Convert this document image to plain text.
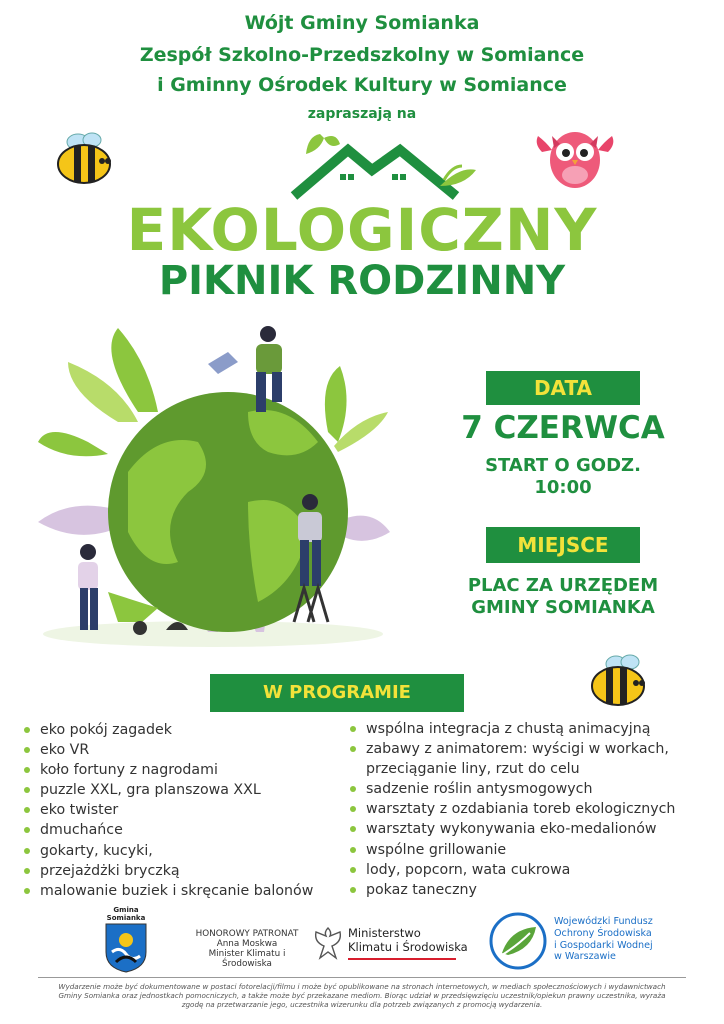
Wójt Gminy Somianka
Zespół Szkolno-Przedszkolny w Somiance
i Gminny Ośrodek Kultury w Somiance
zapraszają na
EKOLOGICZNY
PIKNIK RODZINNY
DATA
7 CZERWCA
START O GODZ.
10:00
MIEJSCE
PLAC ZA URZĘDEM
GMINY SOMIANKA
W PROGRAMIE
eko pokój zagadek
eko VR
koło fortuny z nagrodami
puzzle XXL, gra planszowa XXL
eko twister
dmuchańce
gokarty, kucyki,
przejażdżki bryczką
malowanie buziek i skręcanie balonów
wspólna integracja z chustą animacyjną
zabawy z animatorem: wyścigi w workach,
przeciąganie liny, rzut do celu
sadzenie roślin antysmogowych
warsztaty z ozdabiania toreb ekologicznych
warsztaty wykonywania eko-medalionów
wspólne grillowanie
lody, popcorn, wata cukrowa
pokaz taneczny
Gmina
Somianka
HONOROWY PATRONAT
Anna Moskwa
Minister Klimatu i Środowiska
Ministerstwo
Klimatu i Środowiska
Wojewódzki Fundusz
Ochrony Środowiska
i Gospodarki Wodnej
w Warszawie
Wydarzenie może być dokumentowane w postaci fotorelacji/filmu i może być opublikowane na stronach internetowych, w mediach społecznościowych i wydawnictwach
Gminy Somianka oraz jednostkach pomocniczych, a także może być przekazane mediom. Biorąc udział w przedsięwzięciu uczestnik/opiekun prawny uczestnika, wyraża
zgodę na przetwarzanie jego, uczestnika wizerunku dla potrzeb związanych z promocją wydarzenia.
